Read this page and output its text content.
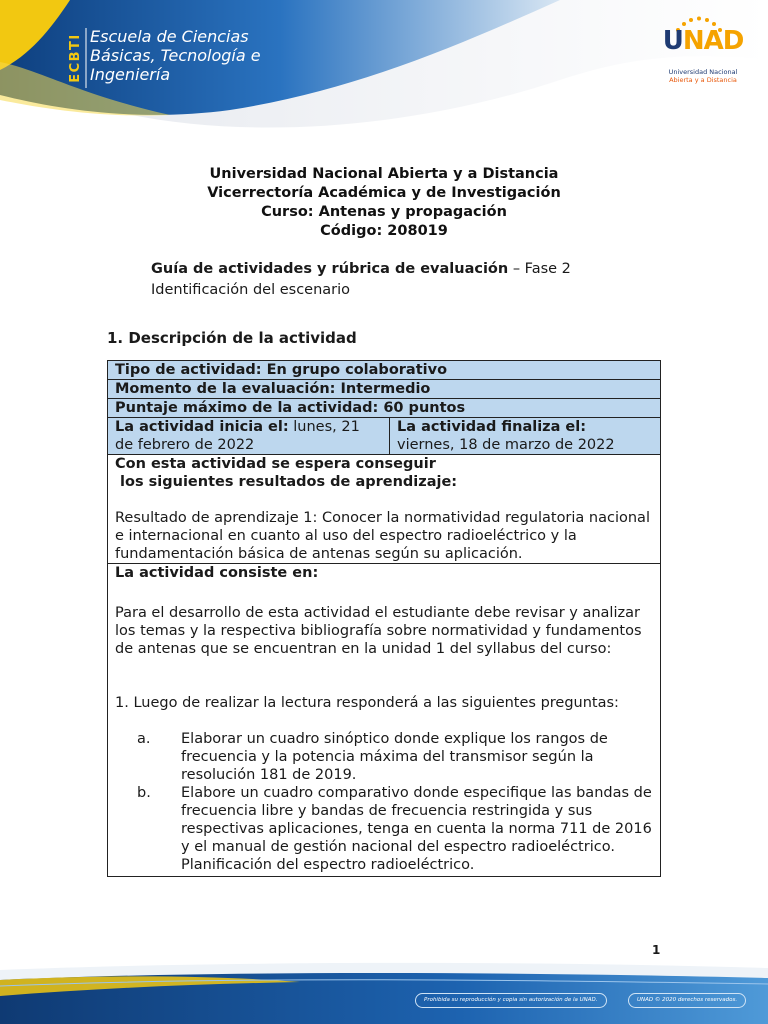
ECBTI Escuela de Ciencias
Básicas, Tecnología e
Ingeniería
UNAD
Universidad Nacional
Abierta y a Distancia
Universidad Nacional Abierta y a Distancia
Vicerrectoría Académica y de Investigación
Curso: Antenas y propagación
Código: 208019
Guía de actividades y rúbrica de evaluación – Fase 2
Identificación del escenario
1. Descripción de la actividad
Tipo de actividad: En grupo colaborativo
Momento de la evaluación: Intermedio
Puntaje máximo de la actividad: 60 puntos
La actividad inicia el: lunes, 21 de febrero de 2022	
La actividad finaliza el:
viernes, 18 de marzo de 2022

Con esta actividad se espera conseguir
los siguientes resultados de aprendizaje:
Resultado de aprendizaje 1: Conocer la normatividad regulatoria nacional e internacional en cuanto al uso del espectro radioeléctrico y la fundamentación básica de antenas según su aplicación.

La actividad consiste en:
Para el desarrollo de esta actividad el estudiante debe revisar y analizar los temas y la respectiva bibliografía sobre normatividad y fundamentos de antenas que se encuentran en la unidad 1 del syllabus del curso:
1. Luego de realizar la lectura responderá a las siguientes preguntas:
a.	Elaborar un cuadro sinóptico donde explique los rangos de frecuencia y la potencia máxima del transmisor según la resolución 181 de 2019.
b.	Elabore un cuadro comparativo donde especifique las bandas de frecuencia libre y bandas de frecuencia restringida y sus respectivas aplicaciones, tenga en cuenta la norma 711 de 2016 y el manual de gestión nacional del espectro radioeléctrico. Planificación del espectro radioeléctrico.
1
Prohibida su reproducción y copia sin autorización de la UNAD.	UNAD © 2020 derechos reservados.
